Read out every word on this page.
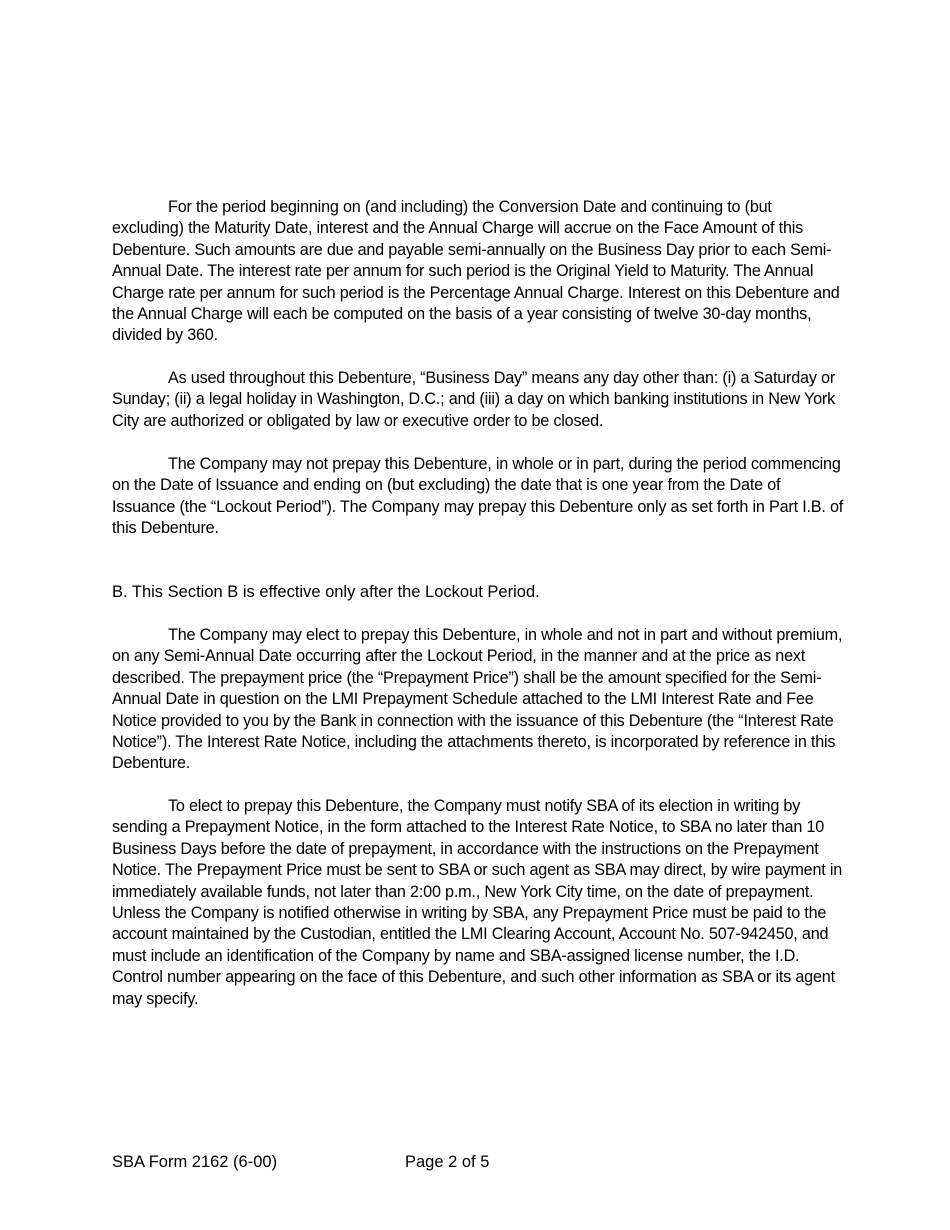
For the period beginning on (and including) the Conversion Date and continuing to (but excluding) the Maturity Date, interest and the Annual Charge will accrue on the Face Amount of this Debenture. Such amounts are due and payable semi-annually on the Business Day prior to each Semi-Annual Date. The interest rate per annum for such period is the Original Yield to Maturity. The Annual Charge rate per annum for such period is the Percentage Annual Charge. Interest on this Debenture and the Annual Charge will each be computed on the basis of a year consisting of twelve 30-day months, divided by 360.

As used throughout this Debenture, “Business Day” means any day other than: (i) a Saturday or Sunday; (ii) a legal holiday in Washington, D.C.; and (iii) a day on which banking institutions in New York City are authorized or obligated by law or executive order to be closed.

The Company may not prepay this Debenture, in whole or in part, during the period commencing on the Date of Issuance and ending on (but excluding) the date that is one year from the Date of Issuance (the “Lockout Period”). The Company may prepay this Debenture only as set forth in Part I.B. of this Debenture.

B. This Section B is effective only after the Lockout Period.

The Company may elect to prepay this Debenture, in whole and not in part and without premium, on any Semi-Annual Date occurring after the Lockout Period, in the manner and at the price as next described. The prepayment price (the “Prepayment Price”) shall be the amount specified for the Semi-Annual Date in question on the LMI Prepayment Schedule attached to the LMI Interest Rate and Fee Notice provided to you by the Bank in connection with the issuance of this Debenture (the “Interest Rate Notice”). The Interest Rate Notice, including the attachments thereto, is incorporated by reference in this Debenture.

To elect to prepay this Debenture, the Company must notify SBA of its election in writing by sending a Prepayment Notice, in the form attached to the Interest Rate Notice, to SBA no later than 10 Business Days before the date of prepayment, in accordance with the instructions on the Prepayment Notice. The Prepayment Price must be sent to SBA or such agent as SBA may direct, by wire payment in immediately available funds, not later than 2:00 p.m., New York City time, on the date of prepayment. Unless the Company is notified otherwise in writing by SBA, any Prepayment Price must be paid to the account maintained by the Custodian, entitled the LMI Clearing Account, Account No. 507-942450, and must include an identification of the Company by name and SBA-assigned license number, the I.D. Control number appearing on the face of this Debenture, and such other information as SBA or its agent may specify.

SBA Form 2162 (6-00)	Page 2 of 5
